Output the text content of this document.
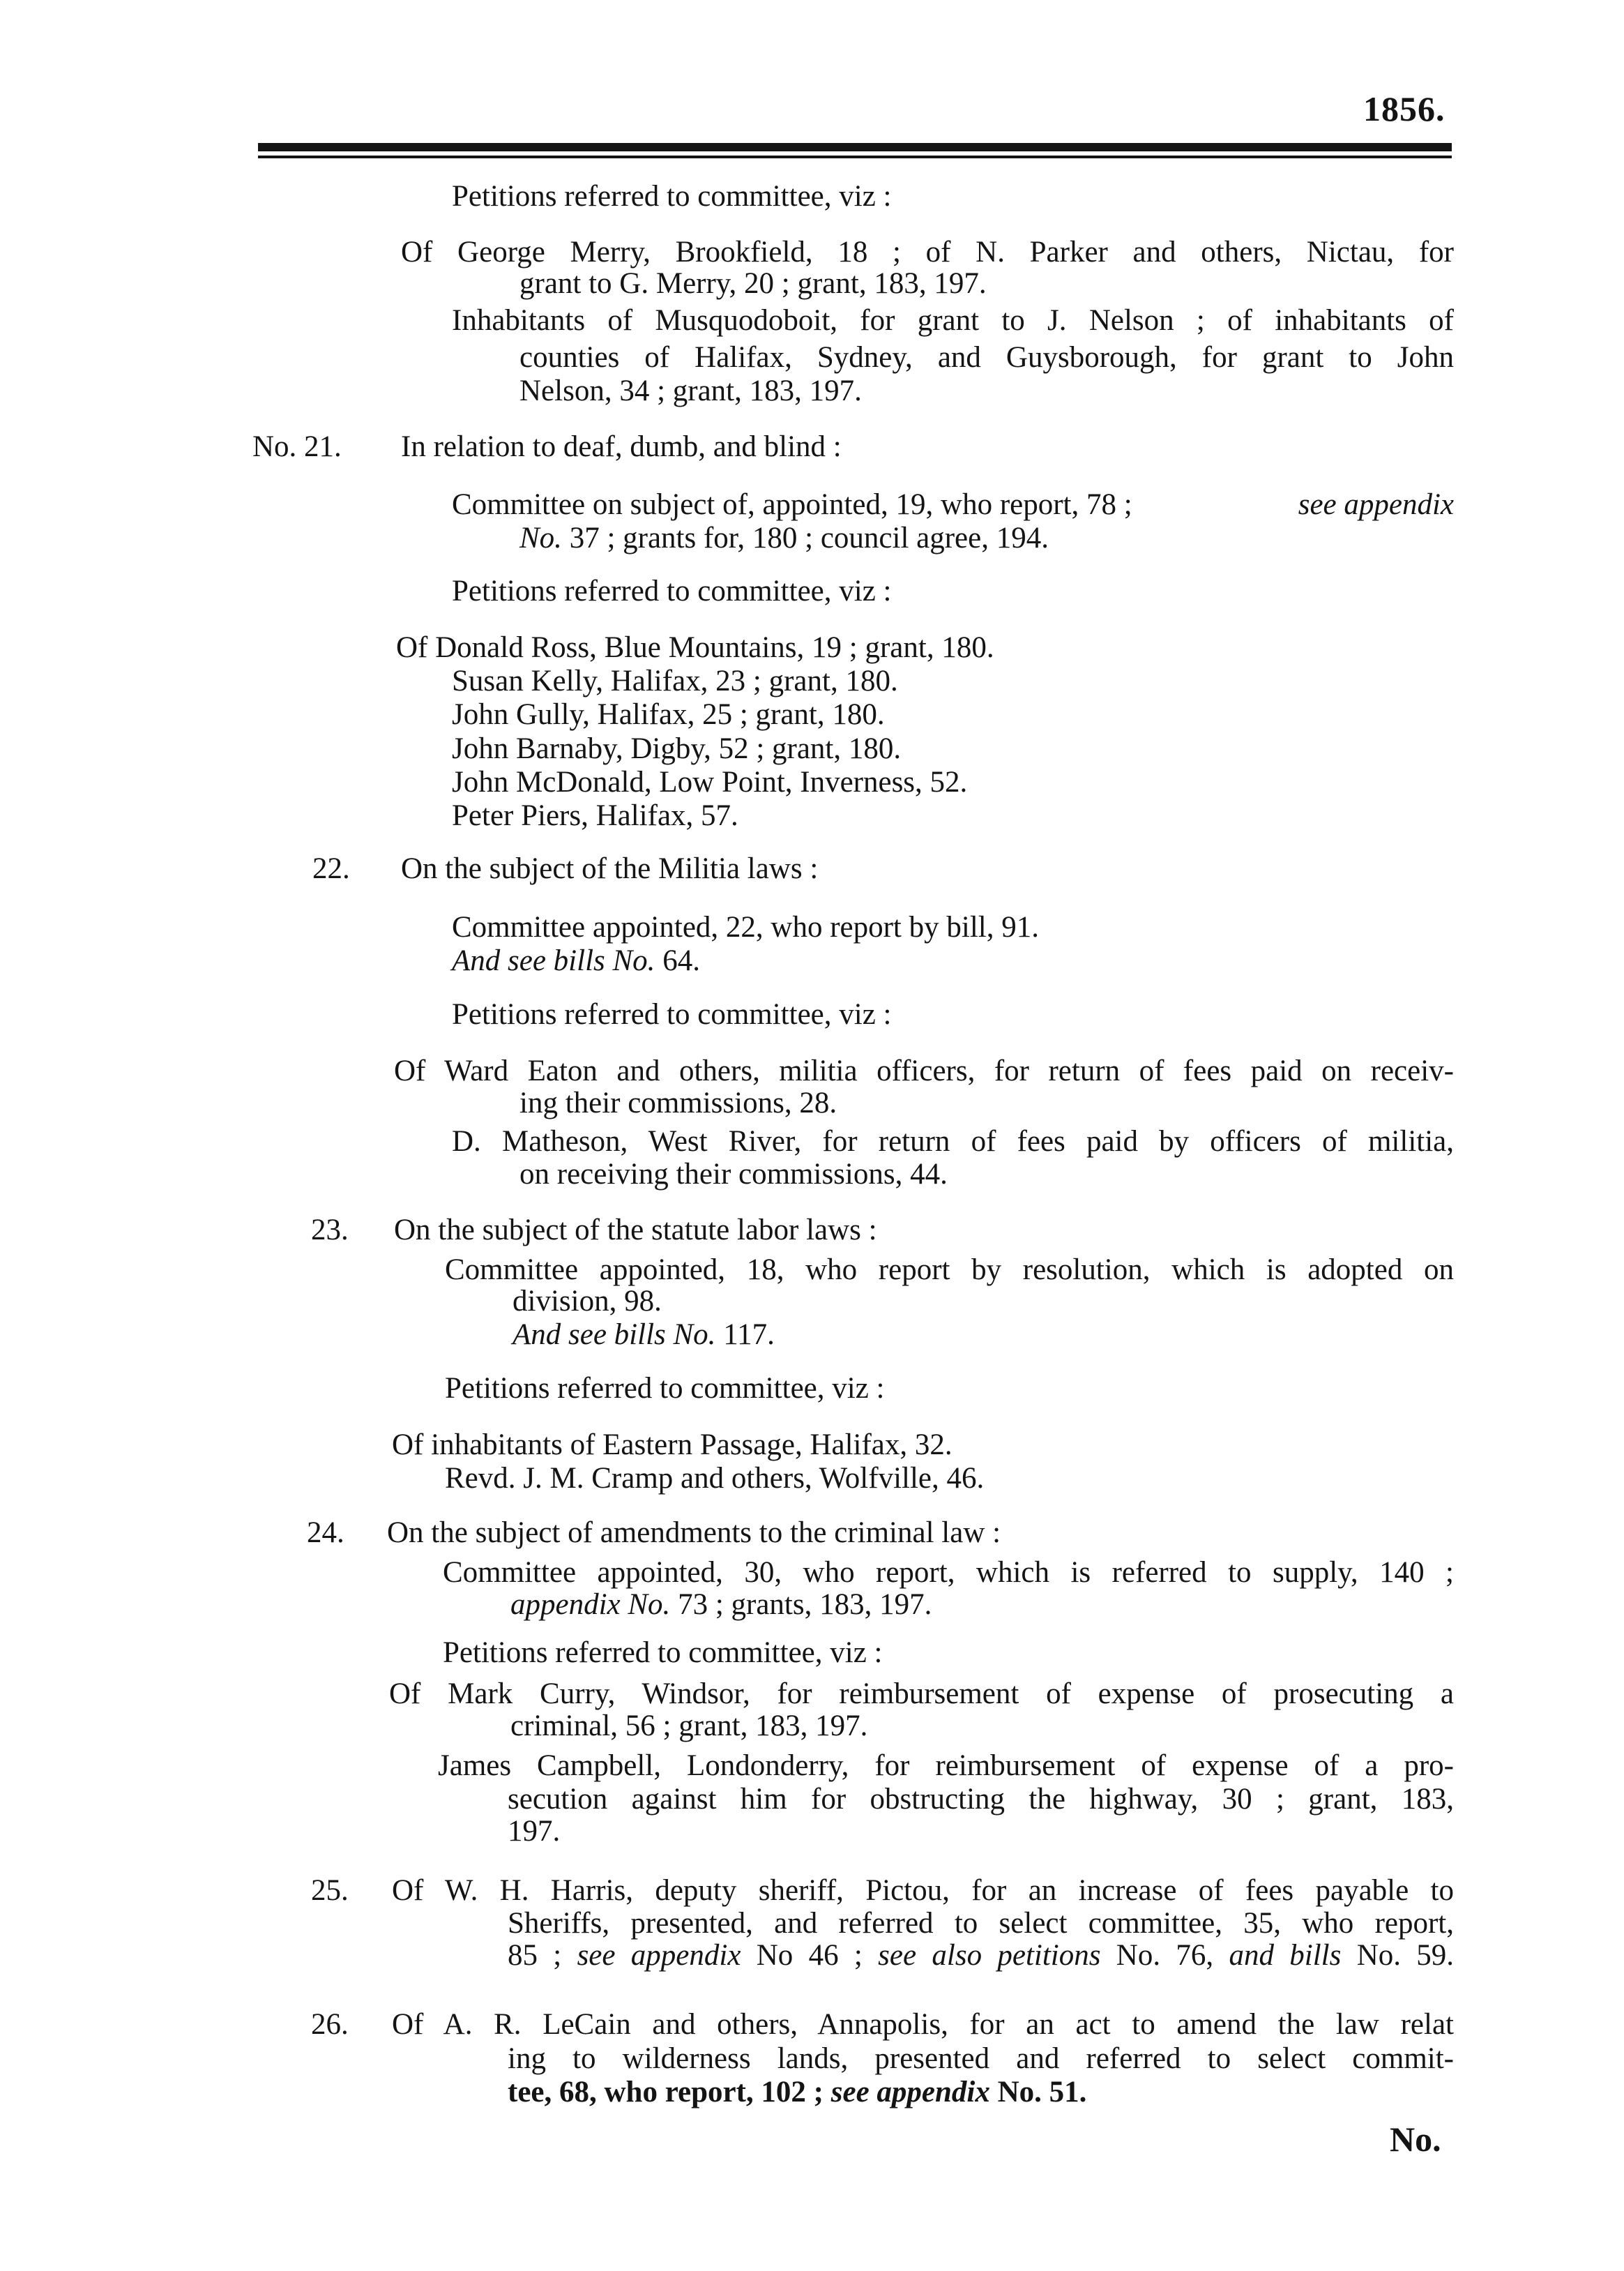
1856.
Petitions referred to committee, viz :
Of George Merry, Brookfield, 18 ; of N. Parker and others, Nictau, for
grant to G. Merry, 20 ; grant, 183, 197.
Inhabitants of Musquodoboit, for grant to J. Nelson ; of inhabitants of
counties of Halifax, Sydney, and Guysborough, for grant to John
Nelson, 34 ; grant, 183, 197.
No. 21. In relation to deaf, dumb, and blind :
Committee on subject of, appointed, 19, who report, 78 ;	see appendix
No. 37 ; grants for, 180 ; council agree, 194.
Petitions referred to committee, viz :
Of Donald Ross, Blue Mountains, 19 ; grant, 180.
Susan Kelly, Halifax, 23 ; grant, 180.
John Gully, Halifax, 25 ; grant, 180.
John Barnaby, Digby, 52 ; grant, 180.
John McDonald, Low Point, Inverness, 52.
Peter Piers, Halifax, 57.
22. On the subject of the Militia laws :
Committee appointed, 22, who report by bill, 91.
And see bills No. 64.
Petitions referred to committee, viz :
Of Ward Eaton and others, militia officers, for return of fees paid on receiv-
ing their commissions, 28.
D. Matheson, West River, for return of fees paid by officers of militia,
on receiving their commissions, 44.
23. On the subject of the statute labor laws :
Committee appointed, 18, who report by resolution, which is adopted on
division, 98.
And see bills No. 117.
Petitions referred to committee, viz :
Of inhabitants of Eastern Passage, Halifax, 32.
Revd. J. M. Cramp and others, Wolfville, 46.
24. On the subject of amendments to the criminal law :
Committee appointed, 30, who report, which is referred to supply, 140 ;
appendix No. 73 ; grants, 183, 197.
Petitions referred to committee, viz :
Of Mark Curry, Windsor, for reimbursement of expense of prosecuting a
criminal, 56 ; grant, 183, 197.
James Campbell, Londonderry, for reimbursement of expense of a pro-
secution against him for obstructing the highway, 30 ; grant, 183,
197.
25. Of W. H. Harris, deputy sheriff, Pictou, for an increase of fees payable to
Sheriffs, presented, and referred to select committee, 35, who report,
85 ; see appendix No 46 ; see also petitions No. 76, and bills No. 59.
26. Of A. R. LeCain and others, Annapolis, for an act to amend the law relat
ing to wilderness lands, presented and referred to select commit-
tee, 68, who report, 102 ; see appendix No. 51.
No.
